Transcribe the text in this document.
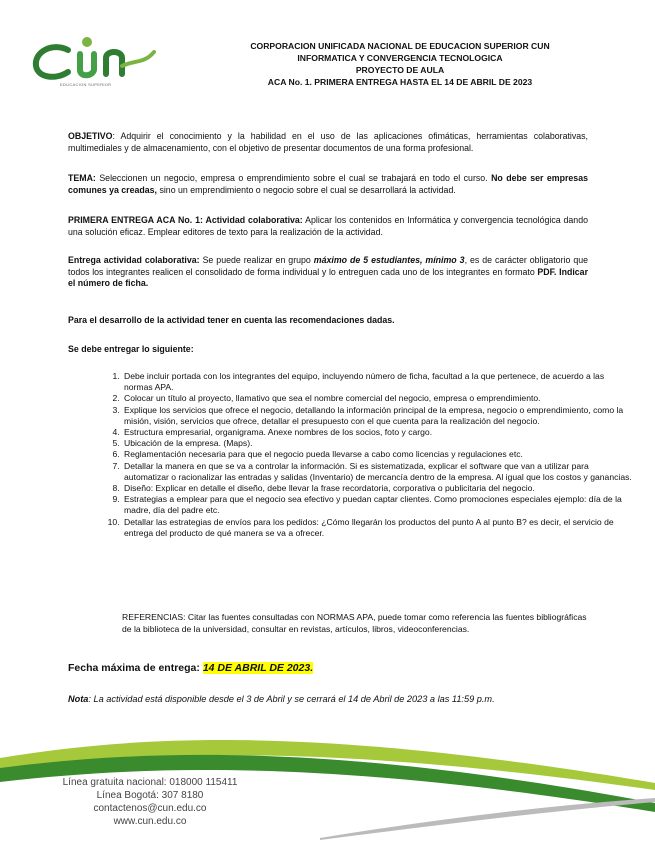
EDUCACION SUPERIOR
CORPORACION UNIFICADA NACIONAL DE EDUCACION SUPERIOR CUN
INFORMATICA Y CONVERGENCIA TECNOLOGICA
PROYECTO DE AULA
ACA No. 1. PRIMERA ENTREGA HASTA EL 14 DE ABRIL DE 2023
OBJETIVO: Adquirir el conocimiento y la habilidad en el uso de las aplicaciones ofimáticas, herramientas colaborativas, multimediales y de almacenamiento, con el objetivo de presentar documentos de una forma profesional.
TEMA: Seleccionen un negocio, empresa o emprendimiento sobre el cual se trabajará en todo el curso. No debe ser empresas comunes ya creadas, sino un emprendimiento o negocio sobre el cual se desarrollará la actividad.
PRIMERA ENTREGA ACA No. 1: Actividad colaborativa: Aplicar los contenidos en Informática y convergencia tecnológica dando una solución eficaz. Emplear editores de texto para la realización de la actividad.
Entrega actividad colaborativa: Se puede realizar en grupo máximo de 5 estudiantes, mínimo 3, es de carácter obligatorio que todos los integrantes realicen el consolidado de forma individual y lo entreguen cada uno de los integrantes en formato PDF. Indicar el número de ficha.
Para el desarrollo de la actividad tener en cuenta las recomendaciones dadas.
Se debe entregar lo siguiente:
1. Debe incluir portada con los integrantes del equipo, incluyendo número de ficha, facultad a la que pertenece, de acuerdo a las normas APA.
2. Colocar un título al proyecto, llamativo que sea el nombre comercial del negocio, empresa o emprendimiento.
3. Explique los servicios que ofrece el negocio, detallando la información principal de la empresa, negocio o emprendimiento, como la misión, visión, servicios que ofrece, detallar el presupuesto con el que cuenta para la realización del negocio.
4. Estructura empresarial, organigrama. Anexe nombres de los socios, foto y cargo.
5. Ubicación de la empresa. (Maps).
6. Reglamentación necesaria para que el negocio pueda llevarse a cabo como licencias y regulaciones etc.
7. Detallar la manera en que se va a controlar la información. Si es sistematizada, explicar el software que van a utilizar para automatizar o racionalizar las entradas y salidas (Inventario) de mercancía dentro de la empresa. Al igual que los costos y ganancias.
8. Diseño: Explicar en detalle el diseño, debe llevar la frase recordatoria, corporativa o publicitaria del negocio.
9. Estrategias a emplear para que el negocio sea efectivo y puedan captar clientes. Como promociones especiales ejemplo: día de la madre, día del padre etc.
10. Detallar las estrategias de envíos para los pedidos: ¿Cómo llegarán los productos del punto A al punto B? es decir, el servicio de entrega del producto de qué manera se va a ofrecer.
REFERENCIAS: Citar las fuentes consultadas con NORMAS APA, puede tomar como referencia las fuentes bibliográficas de la biblioteca de la universidad, consultar en revistas, artículos, libros, videoconferencias.
Fecha máxima de entrega: 14 DE ABRIL DE 2023.
Nota: La actividad está disponible desde el 3 de Abril y se cerrará el 14 de Abril de 2023 a las 11:59 p.m.
Línea gratuita nacional: 018000 115411
Línea Bogotá: 307 8180
contactenos@cun.edu.co
www.cun.edu.co
